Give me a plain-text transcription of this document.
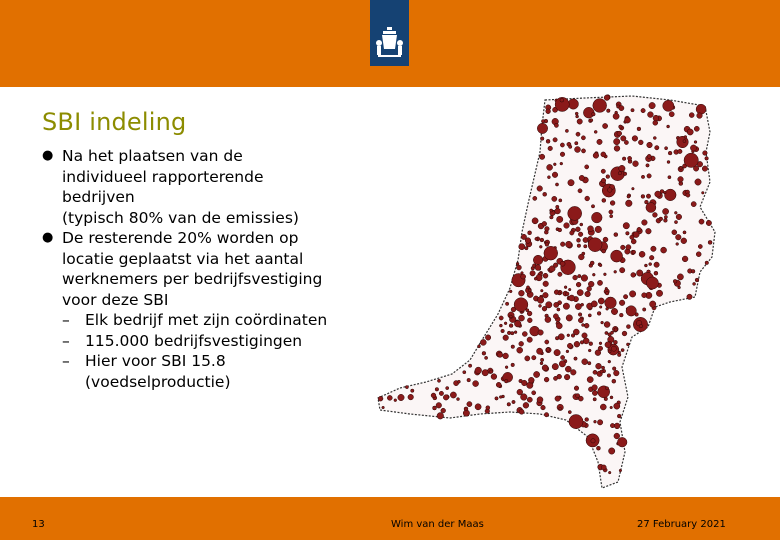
SBI indeling
● Na het plaatsen van de
individueel rapporterende
bedrijven
(typisch 80% van de emissies)
● De resterende 20% worden op
locatie geplaatst via het aantal
werknemers per bedrijfsvestiging
voor deze SBI
– Elk bedrijf met zijn coördinaten
– 115.000 bedrijfsvestigingen
– Hier voor SBI 15.8
(voedselproductie)
13	Wim van der Maas	27 February 2021
